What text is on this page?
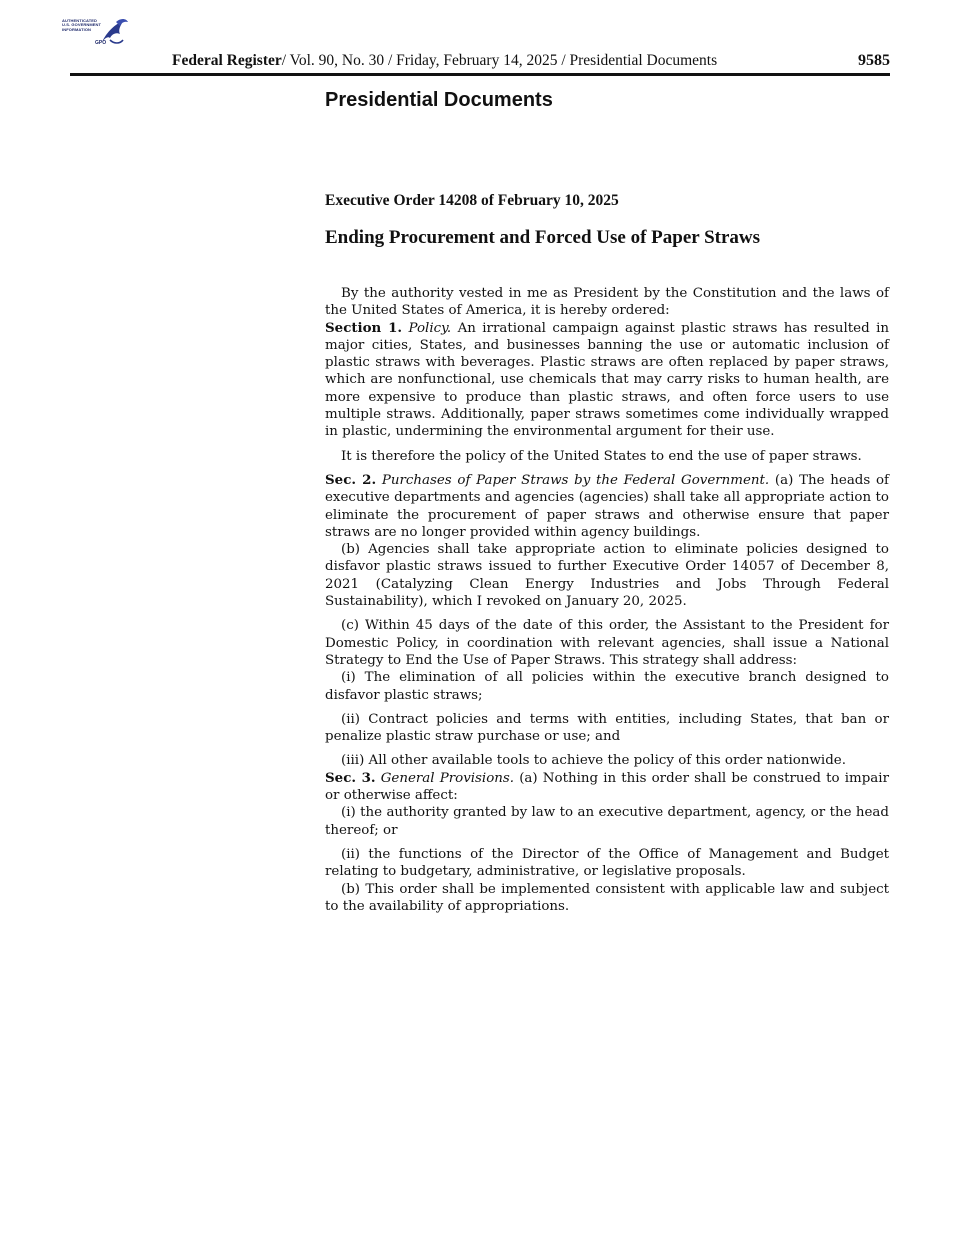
AUTHENTICATED
U.S. GOVERNMENT
INFORMATION
GPO
Federal Register/ Vol. 90, No. 30 / Friday, February 14, 2025 / Presidential Documents	9585
Presidential Documents
Executive Order 14208 of February 10, 2025
Ending Procurement and Forced Use of Paper Straws

By the authority vested in me as President by the Constitution and the laws of the United States of America, it is hereby ordered:

Section 1. Policy. An irrational campaign against plastic straws has resulted in major cities, States, and businesses banning the use or automatic inclusion of plastic straws with beverages. Plastic straws are often replaced by paper straws, which are nonfunctional, use chemicals that may carry risks to human health, are more expensive to produce than plastic straws, and often force users to use multiple straws. Additionally, paper straws sometimes come individually wrapped in plastic, undermining the environmental argument for their use.

It is therefore the policy of the United States to end the use of paper straws.

Sec. 2. Purchases of Paper Straws by the Federal Government. (a) The heads of executive departments and agencies (agencies) shall take all appropriate action to eliminate the procurement of paper straws and otherwise ensure that paper straws are no longer provided within agency buildings.

(b) Agencies shall take appropriate action to eliminate policies designed to disfavor plastic straws issued to further Executive Order 14057 of December 8, 2021 (Catalyzing Clean Energy Industries and Jobs Through Federal Sustainability), which I revoked on January 20, 2025.

(c) Within 45 days of the date of this order, the Assistant to the President for Domestic Policy, in coordination with relevant agencies, shall issue a National Strategy to End the Use of Paper Straws. This strategy shall address:

(i) The elimination of all policies within the executive branch designed to disfavor plastic straws;

(ii) Contract policies and terms with entities, including States, that ban or penalize plastic straw purchase or use; and

(iii) All other available tools to achieve the policy of this order nationwide.

Sec. 3. General Provisions. (a) Nothing in this order shall be construed to impair or otherwise affect:

(i) the authority granted by law to an executive department, agency, or the head thereof; or

(ii) the functions of the Director of the Office of Management and Budget relating to budgetary, administrative, or legislative proposals.

(b) This order shall be implemented consistent with applicable law and subject to the availability of appropriations.
